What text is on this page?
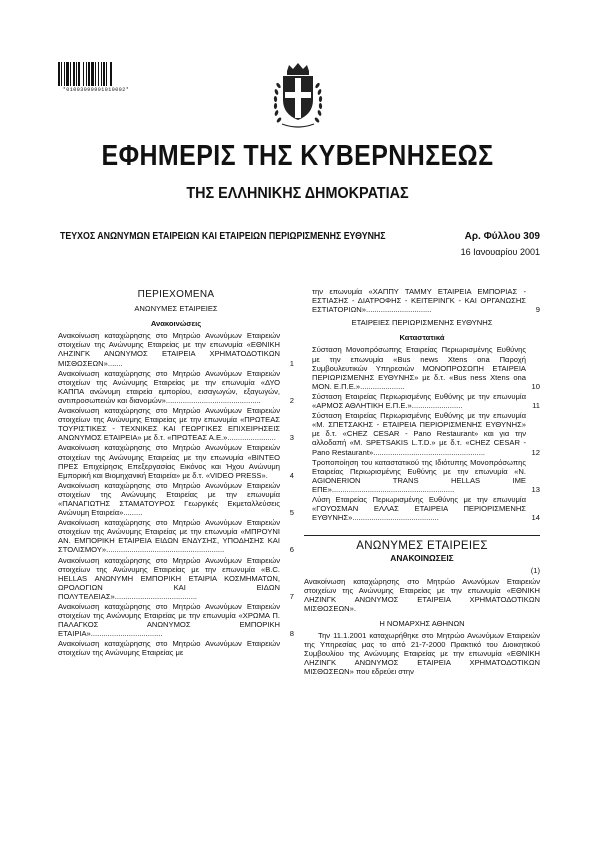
*01003090901010002*
ΕΦΗΜΕΡΙΣ ΤΗΣ ΚΥΒΕΡΝΗΣΕΩΣ
ΤΗΣ ΕΛΛΗΝΙΚΗΣ ΔΗΜΟΚΡΑΤΙΑΣ
ΤΕΥΧΟΣ ΑΝΩΝΥΜΩΝ ΕΤΑΙΡΕΙΩΝ ΚΑΙ ΕΤΑΙΡΕΙΩΝ ΠΕΡΙΩΡΙΣΜΕΝΗΣ ΕΥΘΥΝΗΣ	Αρ. Φύλλου 309
16 Ιανουαρίου 2001
ΠΕΡΙΕΧΟΜΕΝΑ
ΑΝΩΝΥΜΕΣ ΕΤΑΙΡΕΙΕΣ
Ανακοινώσεις
Ανακοίνωση καταχώρησης στο Μητρώο Ανωνύμων Εταιρειών στοιχείων της Ανώνυμης Εταιρείας με την επωνυμία «ΕΘΝΙΚΗ ΛΗΖΙΝΓΚ ΑΝΩΝΥΜΟΣ ΕΤΑΙΡΕΙΑ ΧΡΗΜΑΤΟΔΟΤΙΚΩΝ ΜΙΣΘΩΣΕΩΝ».......	1
Ανακοίνωση καταχώρησης στο Μητρώο Ανωνύμων Εταιρειών στοιχείων της Ανώνυμης Εταιρείας με την επωνυμία «ΔΥΟ ΚΑΠΠΑ ανώνυμη εταιρεία εμπορίου, εισαγωγών, εξαγωγών, αντιπροσωπειών και διανομών».............................................	2
Ανακοίνωση καταχώρησης στο Μητρώο Ανωνύμων Εταιρειών στοιχείων της Ανώνυμης Εταιρείας με την επωνυμία «ΠΡΩΤΕΑΣ ΤΟΥΡΙΣΤΙΚΕΣ - ΤΕΧΝΙΚΕΣ ΚΑΙ ΓΕΩΡΓΙΚΕΣ ΕΠΙΧΕΙΡΗΣΕΙΣ ΑΝΩΝΥΜΟΣ ΕΤΑΙΡΕΙΑ» με δ.τ. «ΠΡΩΤΕΑΣ Α.Ε.».......................	3
Ανακοίνωση καταχώρησης στο Μητρώο Ανωνύμων Εταιρειών στοιχείων της Ανώνυμης Εταιρείας με την επωνυμία «ΒΙΝΤΕΟ ΠΡΕΣ Επιχείρησις Επεξεργασίας Εικόνος και Ήχου Ανώνυμη Εμπορική και Βιομηχανική Εταιρεία» με δ.τ. «VIDEO PRESS».	4
Ανακοίνωση καταχώρησης στο Μητρώο Ανωνύμων Εταιρειών στοιχείων της Ανώνυμης Εταιρείας με την επωνυμία «ΠΑΝΑΓΙΩΤΗΣ ΣΤΑΜΑΤΟΥΡΟΣ Γεωργικές Εκμεταλλεύσεις Ανώνυμη Εταιρεία».........	5
Ανακοίνωση καταχώρησης στο Μητρώο Ανωνύμων Εταιρειών στοιχείων της Ανώνυμης Εταιρείας με την επωνυμία «ΜΠΡΟΥΝΙ ΑΝ. ΕΜΠΟΡΙΚΗ ΕΤΑΙΡΕΙΑ ΕΙΔΩΝ ΕΝΔΥΣΗΣ, ΥΠΟΔΗΣΗΣ ΚΑΙ ΣΤΟΛΙΣΜΟΥ»........................................................	6
Ανακοίνωση καταχώρησης στο Μητρώο Ανωνύμων Εταιρειών στοιχείων της Ανώνυμης Εταιρείας με την επωνυμία «B.C. HELLAS ΑΝΩΝΥΜΗ ΕΜΠΟΡΙΚΗ ΕΤΑΙΡΙΑ ΚΟΣΜΗΜΑΤΩΝ, ΩΡΟΛΟΓΙΩΝ ΚΑΙ ΕΙΔΩΝ ΠΟΛΥΤΕΛΕΙΑΣ».......................................	7
Ανακοίνωση καταχώρησης στο Μητρώο Ανωνύμων Εταιρειών στοιχείων της Ανώνυμης Εταιρείας με την επωνυμία «ΧΡΩΜΑ Π. ΠΑΛΑΓΚΟΣ ΑΝΩΝΥΜΟΣ ΕΜΠΟΡΙΚΗ ΕΤΑΙΡΙΑ»..................................	8
Ανακοίνωση καταχώρησης στο Μητρώο Ανωνύμων Εταιρειών στοιχείων της Ανώνυμης Εταιρείας με
την επωνυμία «ΧΑΠΠΥ ΤΑΜΜΥ ΕΤΑΙΡΕΙΑ ΕΜΠΟΡΙΑΣ - ΕΣΤΙΑΣΗΣ - ΔΙΑΤΡΟΦΗΣ - ΚΕΙΤΕΡΙΝΓΚ - ΚΑΙ ΟΡΓΑΝΩΣΗΣ ΕΣΤΙΑΤΟΡΙΩΝ»...............................	9
ΕΤΑΙΡΕΙΕΣ ΠΕΡΙΩΡΙΣΜΕΝΗΣ ΕΥΘΥΝΗΣ
Καταστατικά
Σύσταση Μονοπρόσωπης Εταιρείας Περιωρισμένης Ευθύνης με την επωνυμία «Bus news Xtens ona Παροχή Συμβουλευτικών Υπηρεσιών ΜΟΝΟΠΡΟΣΩΠΗ ΕΤΑΙΡΕΙΑ ΠΕΡΙΩΡΙΣΜΕΝΗΣ ΕΥΘΥΝΗΣ» με δ.τ. «Bus ness Xtens ona ΜΟΝ. Ε.Π.Ε.».....................	10
Σύσταση Εταιρείας Περιωρισμένης Ευθύνης με την επωνυμία «ΑΡΜΟΣ ΑΘΛΗΤΙΚΗ Ε.Π.Ε.»........................	11
Σύσταση Εταιρείας Περιωρισμένης Ευθύνης με την επωνυμία «Μ. ΣΠΕΤΣΑΚΗΣ - ΕΤΑΙΡΕΙΑ ΠΕΡΙΟΡΙΣΜΕΝΗΣ ΕΥΘΥΝΗΣ» με δ.τ. «CHEZ CESAR - Pano Restaurant» και για την αλλοδαπή «M. SPETSAKIS L.T.D.» με δ.τ. «CHEZ CESAR - Pano Restaurant».....................................................	12
Τροποποίηση του καταστατικού της Ιδιότυπης Μονοπρόσωπης Εταιρείας Περιωρισμένης Ευθύνης με την επωνυμία «N. AGIONERION TRANS HELLAS ΙΜΕ ΕΠΕ»..........................................................	13
Λύση Εταιρείας Περιωρισμένης Ευθύνης με την επωνυμία «ΓΟΥΟΣΜΑΝ ΕΛΛΑΣ ΕΤΑΙΡΕΙΑ ΠΕΡΙΟΡΙΣΜΕΝΗΣ ΕΥΘΥΝΗΣ».........................................	14
ΑΝΩΝΥΜΕΣ ΕΤΑΙΡΕΙΕΣ
ΑΝΑΚΟΙΝΩΣΕΙΣ
(1)
Ανακοίνωση καταχώρησης στο Μητρώο Ανωνύμων Εταιρειών στοιχείων της Ανώνυμης Εταιρείας με την επωνυμία «ΕΘΝΙΚΗ ΛΗΖΙΝΓΚ ΑΝΩΝΥΜΟΣ ΕΤΑΙΡΕΙΑ ΧΡΗΜΑΤΟΔΟΤΙΚΩΝ ΜΙΣΘΩΣΕΩΝ».
Η ΝΟΜΑΡΧΗΣ ΑΘΗΝΩΝ
Την 11.1.2001 καταχωρήθηκε στο Μητρώο Ανωνύμων Εταιρειών της Υπηρεσίας μας το από 21-7-2000 Πρακτικό του Διοικητικού Συμβουλίου της Ανώνυμης Εταιρείας με την επωνυμία «ΕΘΝΙΚΗ ΛΗΖΙΝΓΚ ΑΝΩΝΥΜΟΣ ΕΤΑΙΡΕΙΑ ΧΡΗΜΑΤΟΔΟΤΙΚΩΝ ΜΙΣΘΩΣΕΩΝ» που εδρεύει στην
